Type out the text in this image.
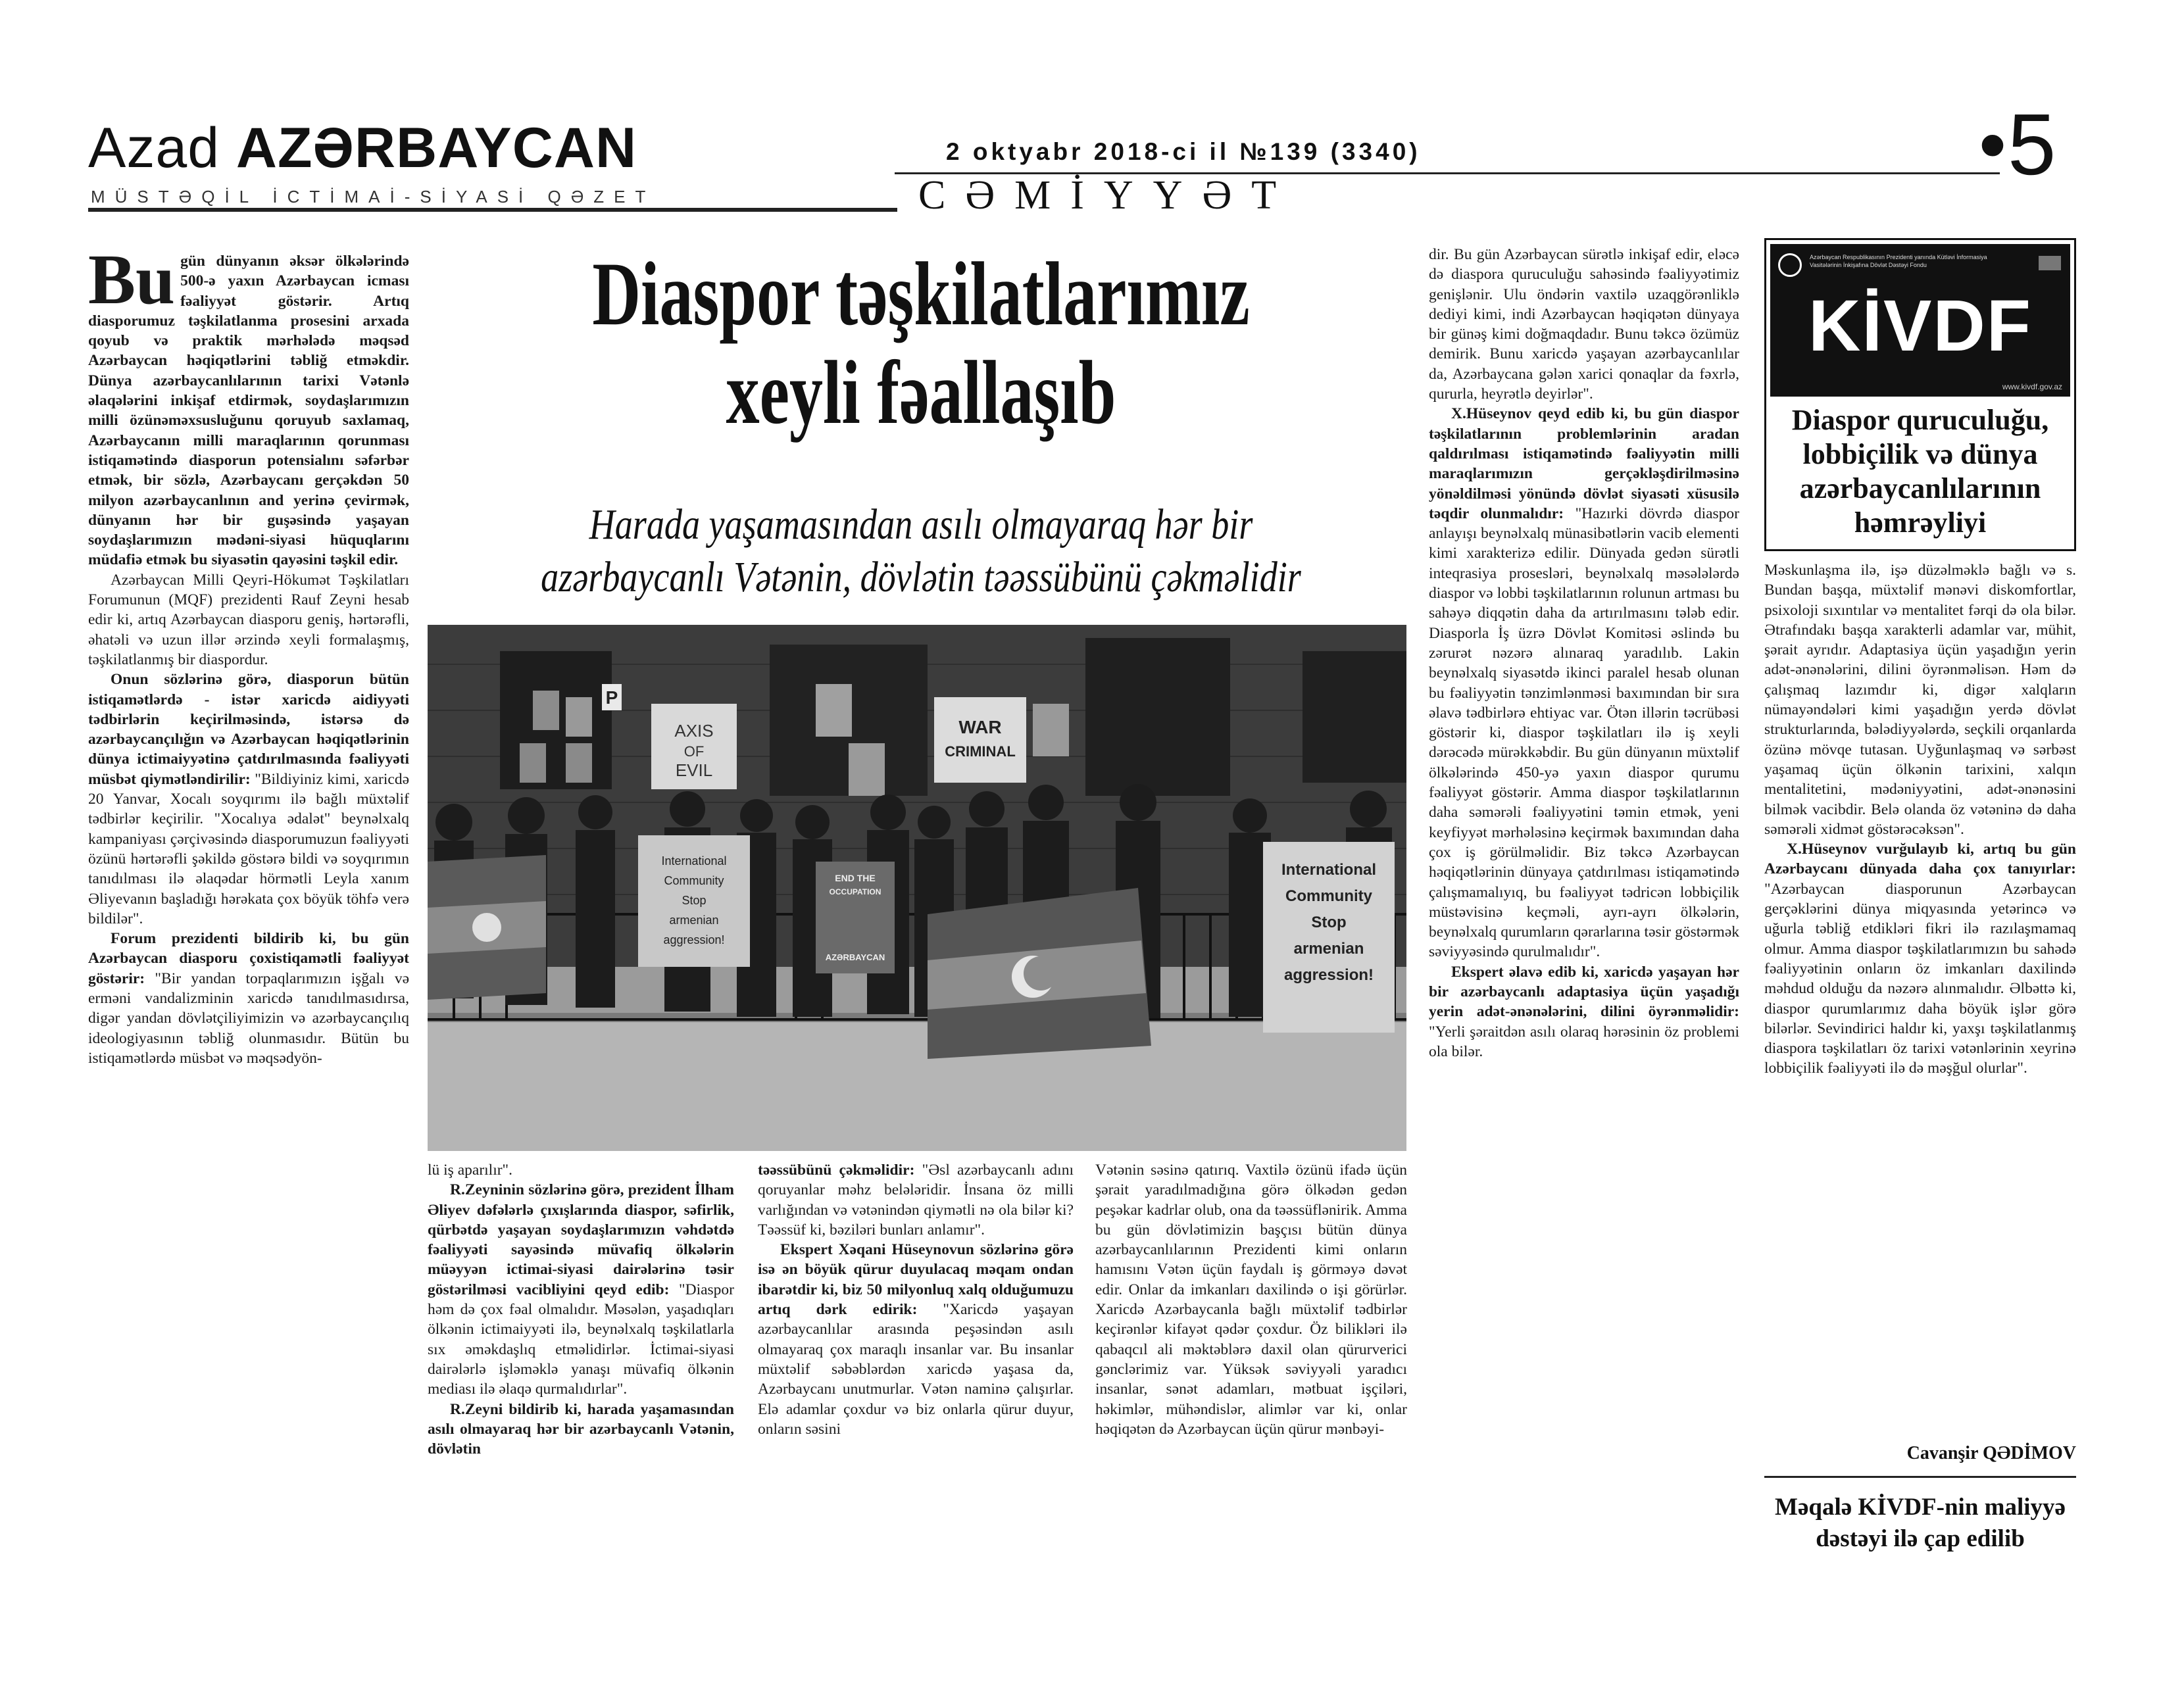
Azad AZƏRBAYCAN
MÜSTƏQİL İCTİMAİ-SİYASİ QƏZET
2 oktyabr 2018-ci il №139 (3340)
CƏMİYYƏT
• 5
Diaspor təşkilatlarımız
xeyli fəallaşıb
Harada yaşamasından asılı olmayaraq hər bir
azərbaycanlı Vətənin, dövlətin təəssübünü çəkməlidir
P
AXIS
OF
EVIL
WAR
CRIMINAL
International
Community
Stop
armenian
aggression!
END THE
OCCUPATION
AZƏRBAYCAN
International
Community
Stop
armenian
aggression!
Bu gün dünyanın əksər ölkələrində 500-ə yaxın Azərbaycan icması fəaliyyət göstərir. Artıq diasporumuz təşkilatlanma prosesini arxada qoyub və praktik mərhələdə məqsəd Azərbaycan həqiqətlərini təbliğ etməkdir. Dünya azərbaycanlılarının tarixi Vətənlə əlaqələrini inkişaf etdirmək, soydaşlarımızın milli özünəməxsusluğunu qoruyub saxlamaq, Azərbaycanın milli maraqlarının qorunması istiqamətində diasporun potensialını səfərbər etmək, bir sözlə, Azərbaycanı gerçəkdən 50 milyon azərbaycanlının and yerinə çevirmək, dünyanın hər bir guşəsində yaşayan soydaşlarımızın mədəni-siyasi hüquqlarını müdafiə etmək bu siyasətin qayəsini təşkil edir.

Azərbaycan Milli Qeyri-Hökumət Təşkilatları Forumunun (MQF) prezidenti Rauf Zeyni hesab edir ki, artıq Azərbaycan diasporu geniş, hərtərəfli, əhatəli və uzun illər ərzində xeyli formalaşmış, təşkilatlanmış bir diaspordur.

Onun sözlərinə görə, diasporun bütün istiqamətlərdə - istər xaricdə aidiyyəti tədbirlərin keçirilməsində, istərsə də azərbaycançılığın və Azərbaycan həqiqətlərinin dünya ictimaiyyətinə çatdırılmasında fəaliyyəti müsbət qiymətləndirilir: "Bildiyiniz kimi, xaricdə 20 Yanvar, Xocalı soyqırımı ilə bağlı müxtəlif tədbirlər keçirilir. "Xocalıya ədalət" beynəlxalq kampaniyası çərçivəsində diasporumuzun fəaliyyəti özünü hərtərəfli şəkildə göstərə bildi və soyqırımın tanıdılması ilə əlaqədar hörmətli Leyla xanım Əliyevanın başladığı hərəkata çox böyük töhfə verə bildilər".

Forum prezidenti bildirib ki, bu gün Azərbaycan diasporu çoxistiqamətli fəaliyyət göstərir: "Bir yandan torpaqlarımızın işğalı və erməni vandalizminin xaricdə tanıdılmasıdırsa, digər yandan dövlətçiliyimizin və azərbaycançılıq ideologiyasının təbliğ olunmasıdır. Bütün bu istiqamətlərdə müsbət və məqsədyön-

lü iş aparılır".

R.Zeyninin sözlərinə görə, prezident İlham Əliyev dəfələrlə çıxışlarında diaspor, səfirlik, qürbətdə yaşayan soydaşlarımızın vəhdətdə fəaliyyəti sayəsində müvafiq ölkələrin müəyyən ictimai-siyasi dairələrinə təsir göstərilməsi vacibliyini qeyd edib: "Diaspor həm də çox fəal olmalıdır. Məsələn, yaşadıqları ölkənin ictimaiyyəti ilə, beynəlxalq təşkilatlarla sıx əməkdaşlıq etməlidirlər. İctimai-siyasi dairələrlə işləməklə yanaşı müvafiq ölkənin mediası ilə əlaqə qurmalıdırlar".

R.Zeyni bildirib ki, harada yaşamasından asılı olmayaraq hər bir azərbaycanlı Vətənin, dövlətin

təəssübünü çəkməlidir: "Əsl azərbaycanlı adını qoruyanlar məhz belələridir. İnsana öz milli varlığından və vətənindən qiymətli nə ola bilər ki? Təəssüf ki, bəziləri bunları anlamır".

Ekspert Xəqani Hüseynovun sözlərinə görə isə ən böyük qürur duyulacaq məqam ondan ibarətdir ki, biz 50 milyonluq xalq olduğumuzu artıq dərk edirik: "Xaricdə yaşayan azərbaycanlılar arasında peşəsindən asılı olmayaraq çox maraqlı insanlar var. Bu insanlar müxtəlif səbəblərdən xaricdə yaşasa da, Azərbaycanı unutmurlar. Vətən naminə çalışırlar. Elə adamlar çoxdur və biz onlarla qürur duyur, onların səsini

Vətənin səsinə qatırıq. Vaxtilə özünü ifadə üçün şərait yaradılmadığına görə ölkədən gedən peşəkar kadrlar olub, ona da təəssüflənirik. Amma bu gün dövlətimizin başçısı bütün dünya azərbaycanlılarının Prezidenti kimi onların hamısını Vətən üçün faydalı iş görməyə dəvət edir. Onlar da imkanları daxilində o işi görürlər. Xaricdə Azərbaycanla bağlı müxtəlif tədbirlər keçirənlər kifayət qədər çoxdur. Öz bilikləri ilə qabaqcıl ali məktəblərə daxil olan qürurverici gənclərimiz var. Yüksək səviyyəli yaradıcı insanlar, sənət adamları, mətbuat işçiləri, həkimlər, mühəndislər, alimlər var ki, onlar həqiqətən də Azərbaycan üçün qürur mənbəyi-

dir. Bu gün Azərbaycan sürətlə inkişaf edir, eləcə də diaspora quruculuğu sahəsində fəaliyyətimiz genişlənir. Ulu öndərin vaxtilə uzaqgörənliklə dediyi kimi, indi Azərbaycan həqiqətən dünyaya bir günəş kimi doğmaqdadır. Bunu təkcə özümüz demirik. Bunu xaricdə yaşayan azərbaycanlılar da, Azərbaycana gələn xarici qonaqlar da fəxrlə, qururla, heyrətlə deyirlər".

X.Hüseynov qeyd edib ki, bu gün diaspor təşkilatlarının problemlərinin aradan qaldırılması istiqamətində fəaliyyətin milli maraqlarımızın gerçəkləşdirilməsinə yönəldilməsi yönündə dövlət siyasəti xüsusilə təqdir olunmalıdır: "Hazırki dövrdə diaspor anlayışı beynəlxalq münasibətlərin vacib elementi kimi xarakterizə edilir. Dünyada gedən sürətli inteqrasiya prosesləri, beynəlxalq məsələlərdə diaspor və lobbi təşkilatlarının rolunun artması bu sahəyə diqqətin daha da artırılmasını tələb edir. Diasporla İş üzrə Dövlət Komitəsi əslində bu zərurət nəzərə alınaraq yaradılıb. Lakin beynəlxalq siyasətdə ikinci paralel hesab olunan bu fəaliyyətin tənzimlənməsi baxımından bir sıra əlavə tədbirlərə ehtiyac var. Ötən illərin təcrübəsi göstərir ki, diaspor təşkilatları ilə iş xeyli dərəcədə mürəkkəbdir. Bu gün dünyanın müxtəlif ölkələrində 450-yə yaxın diaspor qurumu fəaliyyət göstərir. Amma diaspor təşkilatlarının daha səmərəli fəaliyyətini təmin etmək, yeni keyfiyyət mərhələsinə keçirmək baxımından daha çox iş görülməlidir. Biz təkcə Azərbaycan həqiqətlərinin dünyaya çatdırılması istiqamətində çalışmamalıyıq, bu fəaliyyət tədricən lobbiçilik müstəvisinə keçməli, ayrı-ayrı ölkələrin, beynəlxalq qurumların qərarlarına təsir göstərmək səviyyəsində qurulmalıdır".

Ekspert əlavə edib ki, xaricdə yaşayan hər bir azərbaycanlı adaptasiya üçün yaşadığı yerin adət-ənənələrini, dilini öyrənməlidir: "Yerli şəraitdən asılı olaraq hərəsinin öz problemi ola bilər.

Azərbaycan Respublikasının Prezidenti yanında Kütləvi İnformasiya Vasitələrinin İnkişafına Dövlət Dəstəyi Fondu
KİVDF
www.kivdf.gov.az
Diaspor quruculuğu,
lobbiçilik və dünya
azərbaycanlılarının
həmrəyliyi

Məskunlaşma ilə, işə düzəlməklə bağlı və s. Bundan başqa, müxtəlif mənəvi diskomfortlar, psixoloji sıxıntılar və mentalitet fərqi də ola bilər. Ətrafındakı başqa xarakterli adamlar var, mühit, şərait ayrıdır. Adaptasiya üçün yaşadığın yerin adət-ənənələrini, dilini öyrənməlisən. Həm də çalışmaq lazımdır ki, digər xalqların nümayəndələri kimi yaşadığın yerdə dövlət strukturlarında, bələdiyyələrdə, seçkili orqanlarda özünə mövqe tutasan. Uyğunlaşmaq və sərbəst yaşamaq üçün ölkənin tarixini, xalqın mentalitetini, mədəniyyətini, adət-ənənəsini bilmək vacibdir. Belə olanda öz vətəninə də daha səmərəli xidmət göstərəcəksən".

X.Hüseynov vurğulayıb ki, artıq bu gün Azərbaycanı dünyada daha çox tanıyırlar: "Azərbaycan diasporunun Azərbaycan gerçəklərini dünya miqyasında yetərincə və uğurla təbliğ etdikləri fikri ilə razılaşmamaq olmur. Amma diaspor təşkilatlarımızın bu sahədə fəaliyyətinin onların öz imkanları daxilində məhdud olduğu da nəzərə alınmalıdır. Əlbəttə ki, diaspor qurumlarımız daha böyük işlər görə bilərlər. Sevindirici haldır ki, yaxşı təşkilatlanmış diaspora təşkilatları öz tarixi vətənlərinin xeyrinə lobbiçilik fəaliyyəti ilə də məşğul olurlar".

Cavanşir QƏDİMOV
Məqalə KİVDF-nin maliyyə
dəstəyi ilə çap edilib
